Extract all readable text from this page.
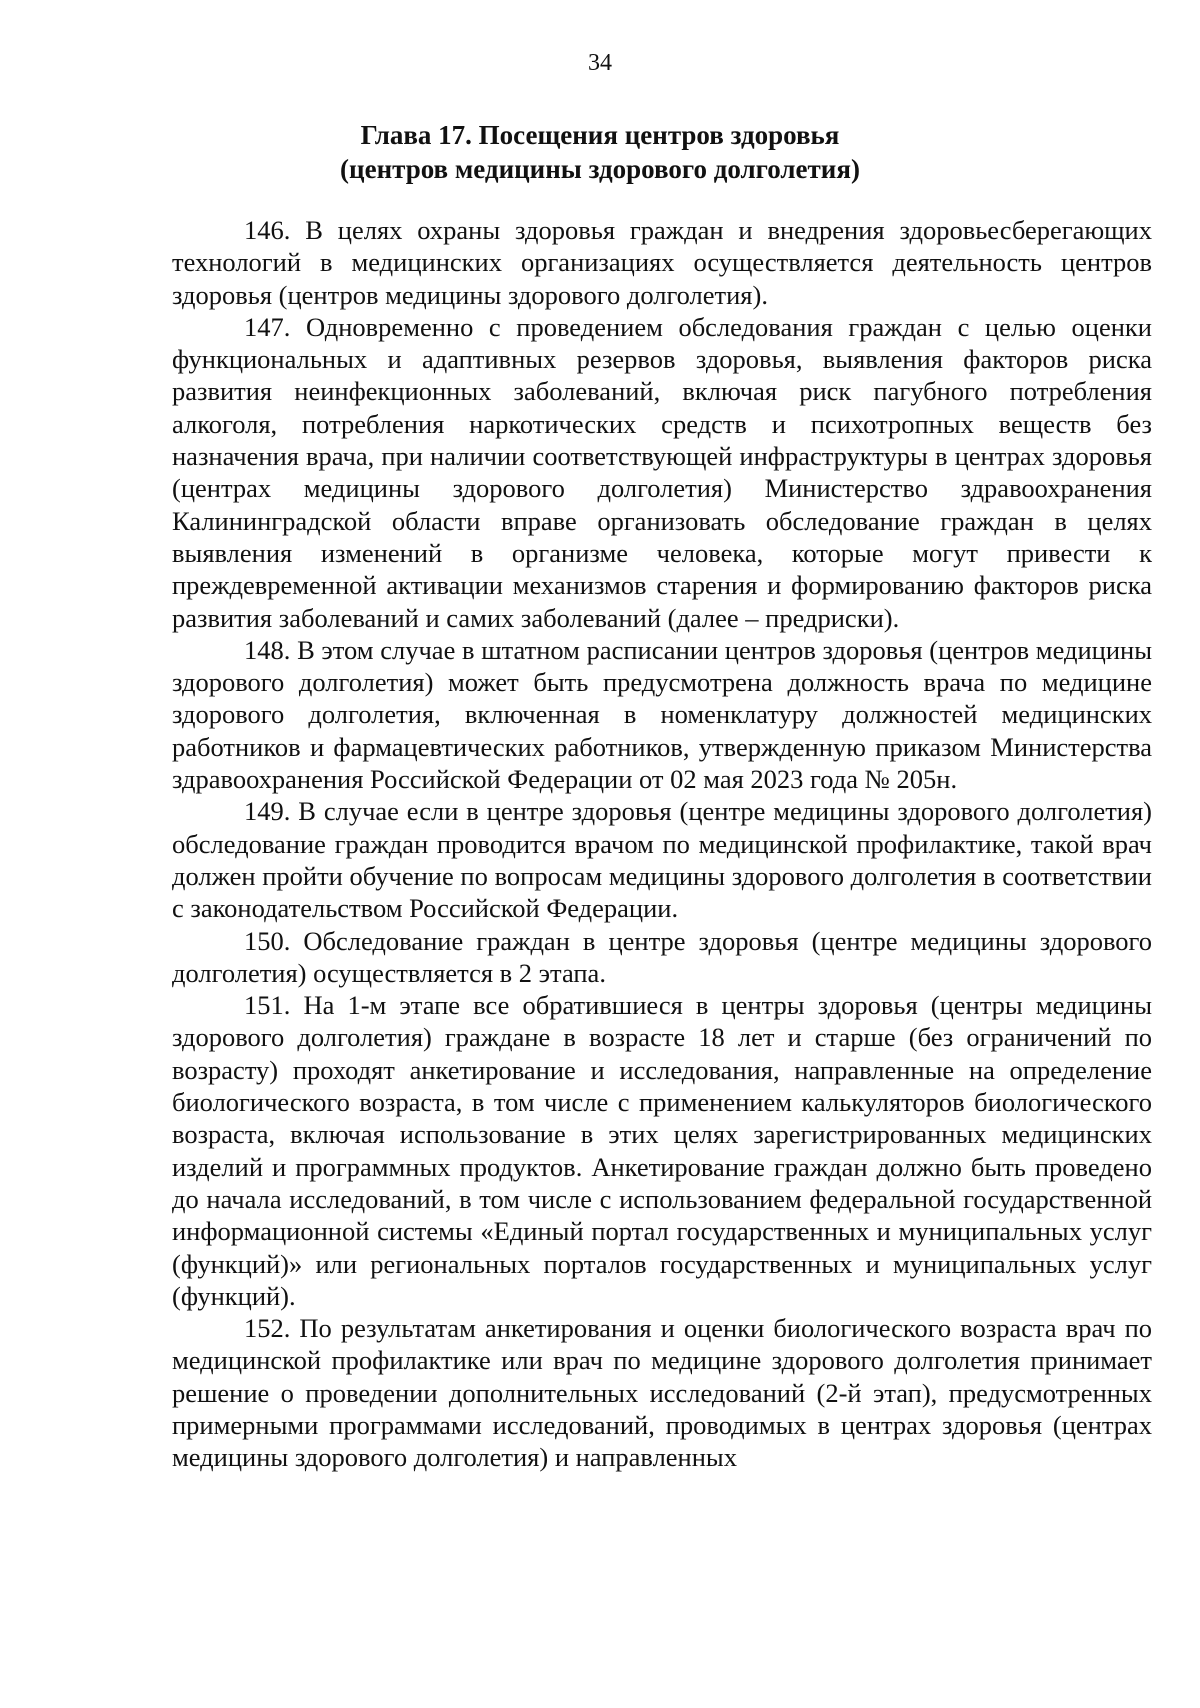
34
Глава 17. Посещения центров здоровья
(центров медицины здорового долголетия)

146. В целях охраны здоровья граждан и внедрения здоровьесберегающих технологий в медицинских организациях осуществляется деятельность центров здоровья (центров медицины здорового долголетия).

147. Одновременно с проведением обследования граждан с целью оценки функциональных и адаптивных резервов здоровья, выявления факторов риска развития неинфекционных заболеваний, включая риск пагубного потребления алкоголя, потребления наркотических средств и психотропных веществ без назначения врача, при наличии соответствующей инфраструктуры в центрах здоровья (центрах медицины здорового долголетия) Министерство здравоохранения Калининградской области вправе организовать обследование граждан в целях выявления изменений в организме человека, которые могут привести к преждевременной активации механизмов старения и формированию факторов риска развития заболеваний и самих заболеваний (далее – предриски).

148. В этом случае в штатном расписании центров здоровья (центров медицины здорового долголетия) может быть предусмотрена должность врача по медицине здорового долголетия, включенная в номенклатуру должностей медицинских работников и фармацевтических работников, утвержденную приказом Министерства здравоохранения Российской Федерации от 02 мая 2023 года № 205н.

149. В случае если в центре здоровья (центре медицины здорового долголетия) обследование граждан проводится врачом по медицинской профилактике, такой врач должен пройти обучение по вопросам медицины здорового долголетия в соответствии с законодательством Российской Федерации.

150. Обследование граждан в центре здоровья (центре медицины здорового долголетия) осуществляется в 2 этапа.

151. На 1-м этапе все обратившиеся в центры здоровья (центры медицины здорового долголетия) граждане в возрасте 18 лет и старше (без ограничений по возрасту) проходят анкетирование и исследования, направленные на определение биологического возраста, в том числе с применением калькуляторов биологического возраста, включая использование в этих целях зарегистрированных медицинских изделий и программных продуктов. Анкетирование граждан должно быть проведено до начала исследований, в том числе с использованием федеральной государственной информационной системы «Единый портал государственных и муниципальных услуг (функций)» или региональных порталов государственных и муниципальных услуг (функций).

152. По результатам анкетирования и оценки биологического возраста врач по медицинской профилактике или врач по медицине здорового долголетия принимает решение о проведении дополнительных исследований (2-й этап), предусмотренных примерными программами исследований, проводимых в центрах здоровья (центрах медицины здорового долголетия) и направленных
